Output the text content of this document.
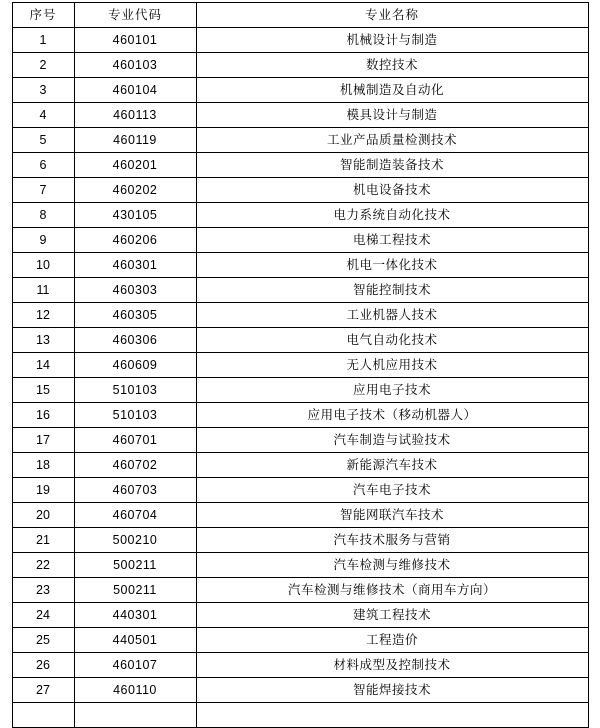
序号	专业代码	专业名称
1	460101	机械设计与制造
2	460103	数控技术
3	460104	机械制造及自动化
4	460113	模具设计与制造
5	460119	工业产品质量检测技术
6	460201	智能制造装备技术
7	460202	机电设备技术
8	430105	电力系统自动化技术
9	460206	电梯工程技术
10	460301	机电一体化技术
11	460303	智能控制技术
12	460305	工业机器人技术
13	460306	电气自动化技术
14	460609	无人机应用技术
15	510103	应用电子技术
16	510103	应用电子技术（移动机器人）
17	460701	汽车制造与试验技术
18	460702	新能源汽车技术
19	460703	汽车电子技术
20	460704	智能网联汽车技术
21	500210	汽车技术服务与营销
22	500211	汽车检测与维修技术
23	500211	汽车检测与维修技术（商用车方向）
24	440301	建筑工程技术
25	440501	工程造价
26	460107	材料成型及控制技术
27	460110	智能焊接技术
